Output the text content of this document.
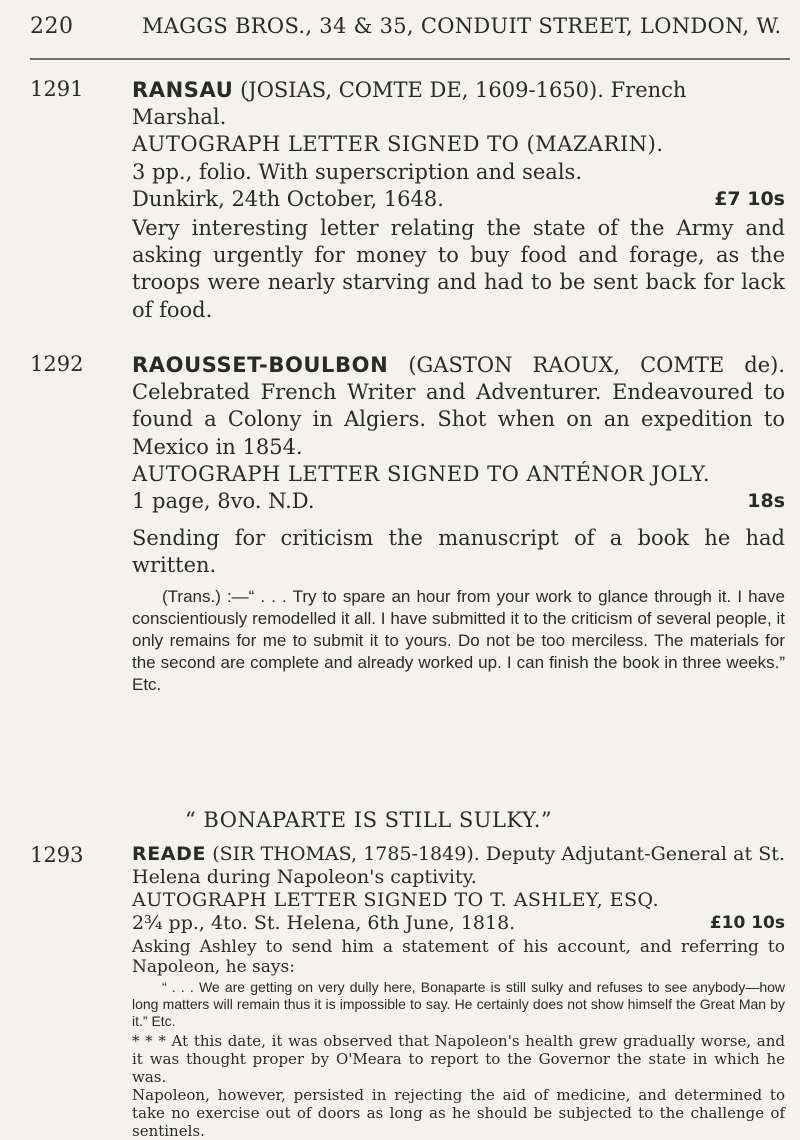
220	MAGGS BROS., 34 & 35, CONDUIT STREET, LONDON, W.
1291	RANSAU (JOSIAS, COMTE DE, 1609-1650). French Marshal.
AUTOGRAPH LETTER SIGNED TO (MAZARIN).
3 pp., folio. With superscription and seals.
Dunkirk, 24th October, 1648.	£7 10s
Very interesting letter relating the state of the Army and asking urgently for money to buy food and forage, as the troops were nearly starving and had to be sent back for lack of food.
1292	RAOUSSET-BOULBON (GASTON RAOUX, COMTE de). Celebrated French Writer and Adventurer. Endeavoured to found a Colony in Algiers. Shot when on an expedition to Mexico in 1854.
AUTOGRAPH LETTER SIGNED TO ANTÉNOR JOLY.
1 page, 8vo. N.D.	18s
Sending for criticism the manuscript of a book he had written.
(Trans.) :—“ . . . Try to spare an hour from your work to glance through it. I have conscientiously remodelled it all. I have submitted it to the criticism of several people, it only remains for me to submit it to yours. Do not be too merciless. The materials for the second are complete and already worked up. I can finish the book in three weeks.” Etc.
“ BONAPARTE IS STILL SULKY.”
1293	READE (SIR THOMAS, 1785-1849). Deputy Adjutant-General at St. Helena during Napoleon's captivity.
AUTOGRAPH LETTER SIGNED TO T. ASHLEY, ESQ.
2¾ pp., 4to. St. Helena, 6th June, 1818.	£10 10s
Asking Ashley to send him a statement of his account, and referring to Napoleon, he says:
“ . . . We are getting on very dully here, Bonaparte is still sulky and refuses to see anybody—how long matters will remain thus it is impossible to say. He certainly does not show himself the Great Man by it.” Etc.
* * * At this date, it was observed that Napoleon's health grew gradually worse, and it was thought proper by O'Meara to report to the Governor the state in which he was.
Napoleon, however, persisted in rejecting the aid of medicine, and determined to take no exercise out of doors as long as he should be subjected to the challenge of sentinels.
